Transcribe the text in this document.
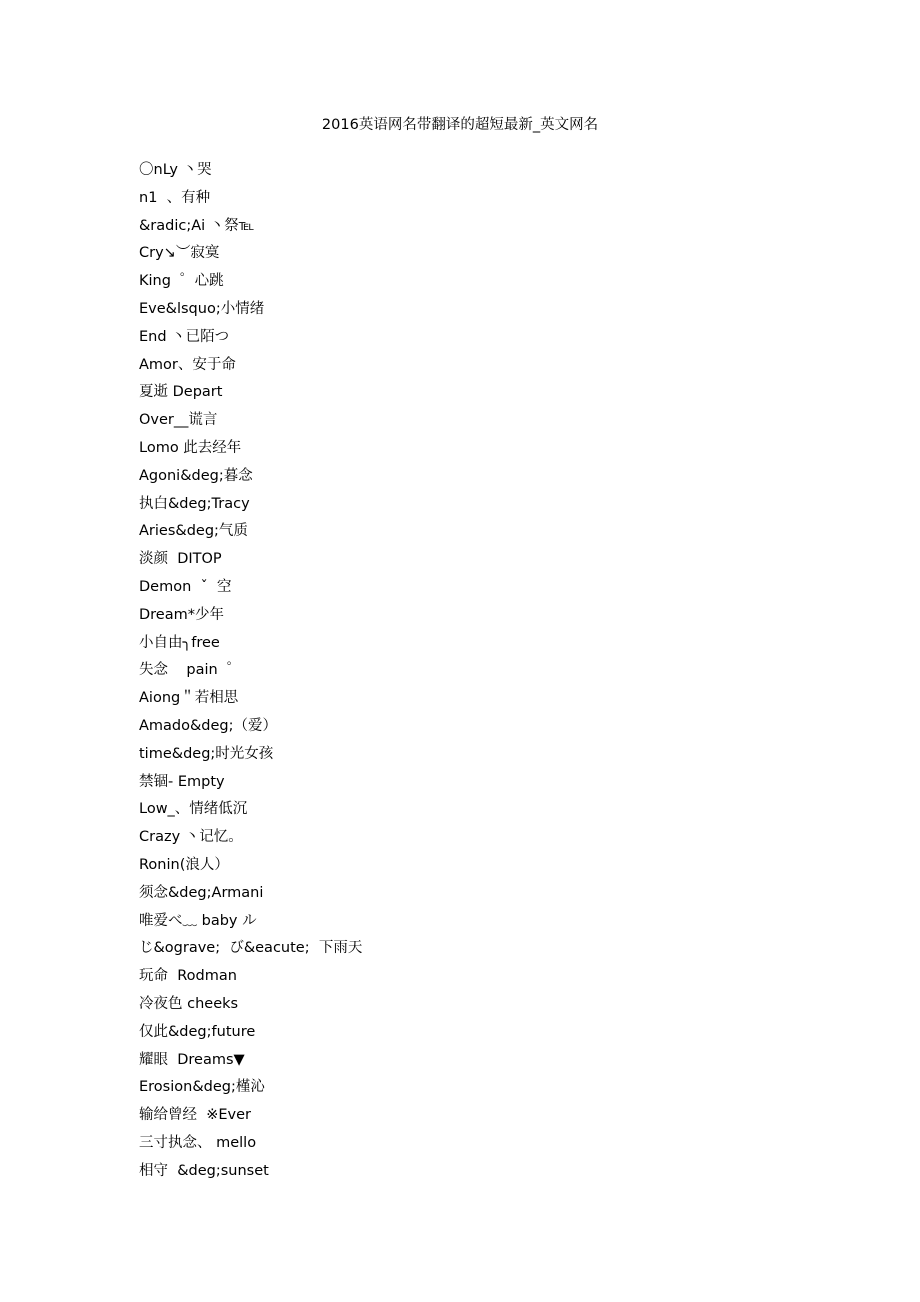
2016英语网名带翻译的超短最新_英文网名
〇nLy 丶哭
n1  、有种
&radic;Ai 丶祭℡
Cry↘︶寂寞
King  ゜心跳
Eve&lsquo;小情绪
End 丶已陌つ
Amor、安于命
夏逝 Depart
Over__谎言
Lomo 此去经年
Agoni&deg;暮念
执白&deg;Tracy
Aries&deg;气质
淡颜  DITOP
Demon  ˇ  空
Dream*少年
小自由╮free
失念    pain  ゜
Aiong＂若相思
Amado&deg;（爱）
time&deg;时光女孩
禁锢- Empty
Low_、情绪低沉
Crazy 丶记忆。
Ronin(浪人）
须念&deg;Armani
唯爱べ﹏ baby ル
じ&ograve;  び&eacute;  下雨天
玩命  Rodman
冷夜色 cheeks
仅此&deg;future
耀眼  Dreams▼
Erosion&deg;槿沁
输给曾经  ※Ever
三寸执念、 mello
相守  &deg;sunset
